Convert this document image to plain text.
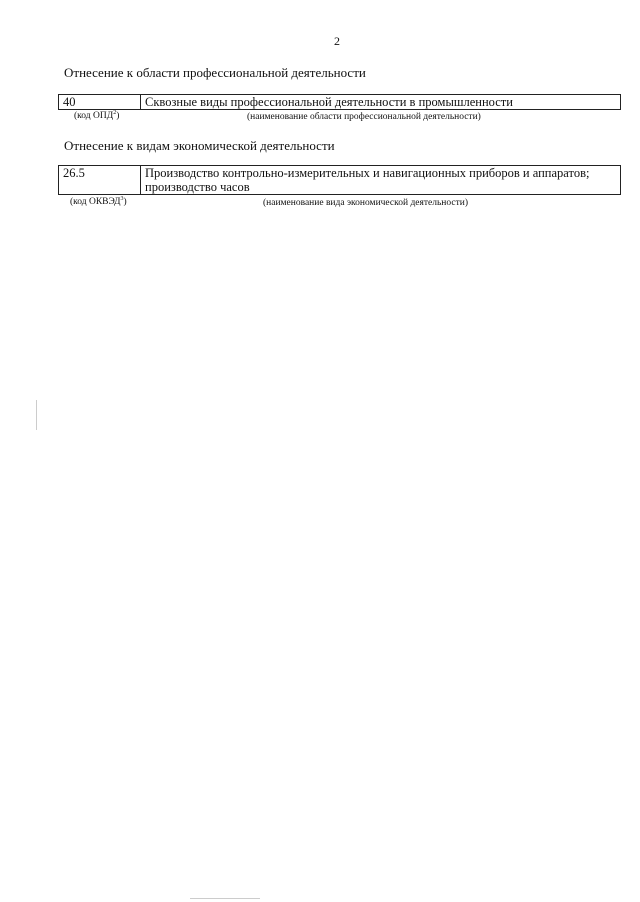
2
Отнесение к области профессиональной деятельности
40	Сквозные виды профессиональной деятельности в промышленности
(код ОПД$^2$)	(наименование области профессиональной деятельности)
Отнесение к видам экономической деятельности
26.5	Производство контрольно-измерительных и навигационных приборов и аппаратов; производство часов
(код ОКВЭД$^3$)	(наименование вида экономической деятельности)
